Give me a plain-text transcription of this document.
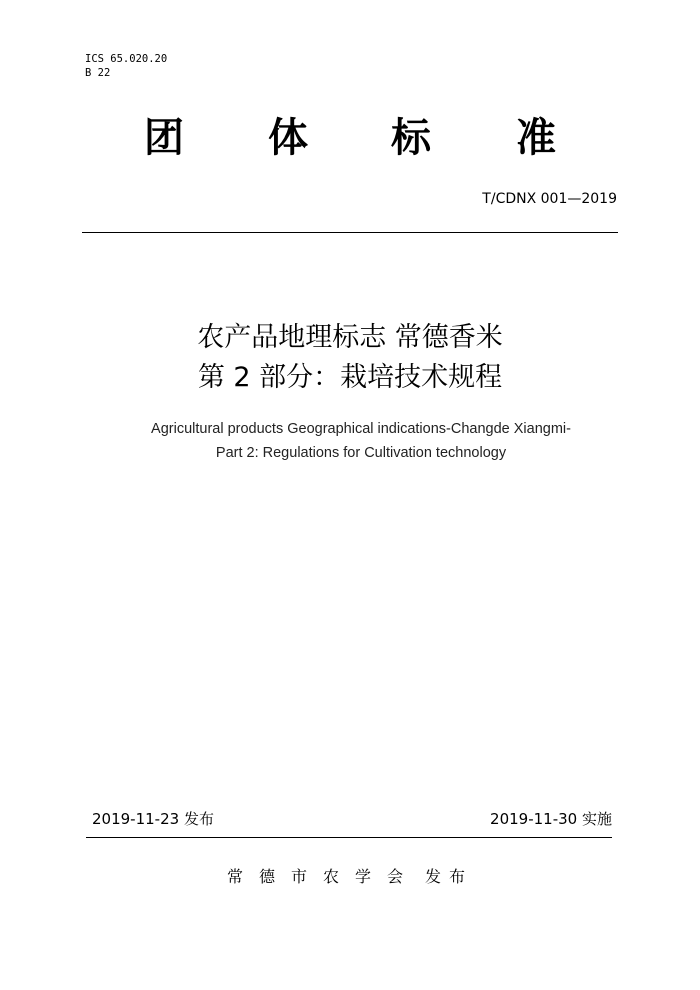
ICS 65.020.20
B 22
团 体 标 准
T/CDNX 001—2019
农产品地理标志 常德香米
第 2 部分：栽培技术规程
Agricultural products Geographical indications-Changde Xiangmi-
Part 2: Regulations for Cultivation technology
2019-11-23 发布	2019-11-30 实施
常德市农学会 发布
